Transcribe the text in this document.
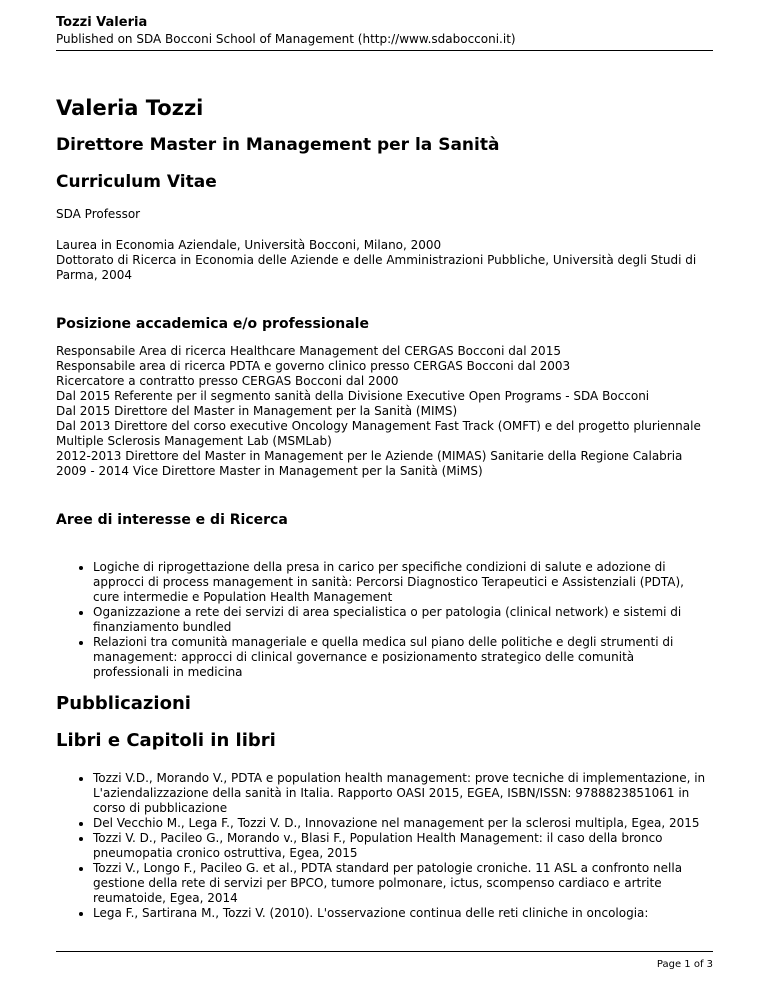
Tozzi Valeria
Published on SDA Bocconi School of Management (http://www.sdabocconi.it)
Valeria Tozzi
Direttore Master in Management per la Sanità
Curriculum Vitae

SDA Professor

Laurea in Economia Aziendale, Università Bocconi, Milano, 2000

Dottorato di Ricerca in Economia delle Aziende e delle Amministrazioni Pubbliche, Università degli Studi di Parma, 2004

Posizione accademica e/o professionale

Responsabile Area di ricerca Healthcare Management del CERGAS Bocconi dal 2015

Responsabile area di ricerca PDTA e governo clinico presso CERGAS Bocconi dal 2003

Ricercatore a contratto presso CERGAS Bocconi dal 2000

Dal 2015 Referente per il segmento sanità della Divisione Executive Open Programs - SDA Bocconi

Dal 2015 Direttore del Master in Management per la Sanità (MIMS)

Dal 2013 Direttore del corso executive Oncology Management Fast Track (OMFT) e del progetto pluriennale Multiple Sclerosis Management Lab (MSMLab)

2012-2013 Direttore del Master in Management per le Aziende (MIMAS) Sanitarie della Regione Calabria

2009 - 2014 Vice Direttore Master in Management per la Sanità (MiMS)

Aree di interesse e di Ricerca
• Logiche di riprogettazione della presa in carico per specifiche condizioni di salute e adozione di approcci di process management in sanità: Percorsi Diagnostico Terapeutici e Assistenziali (PDTA), cure intermedie e Population Health Management
• Oganizzazione a rete dei servizi di area specialistica o per patologia (clinical network) e sistemi di finanziamento bundled
• Relazioni tra comunità manageriale e quella medica sul piano delle politiche e degli strumenti di management: approcci di clinical governance e posizionamento strategico delle comunità professionali in medicina
Pubblicazioni
Libri e Capitoli in libri
• Tozzi V.D., Morando V., PDTA e population health management: prove tecniche di implementazione, in L'aziendalizzazione della sanità in Italia. Rapporto OASI 2015, EGEA, ISBN/ISSN: 9788823851061 in corso di pubblicazione
• Del Vecchio M., Lega F., Tozzi V. D., Innovazione nel management per la sclerosi multipla, Egea, 2015
• Tozzi V. D., Pacileo G., Morando v., Blasi F., Population Health Management: il caso della bronco pneumopatia cronico ostruttiva, Egea, 2015
• Tozzi V., Longo F., Pacileo G. et al., PDTA standard per patologie croniche. 11 ASL a confronto nella gestione della rete di servizi per BPCO, tumore polmonare, ictus, scompenso cardiaco e artrite reumatoide, Egea, 2014
• Lega F., Sartirana M., Tozzi V. (2010). L'osservazione continua delle reti cliniche in oncologia:
Page 1 of 3
